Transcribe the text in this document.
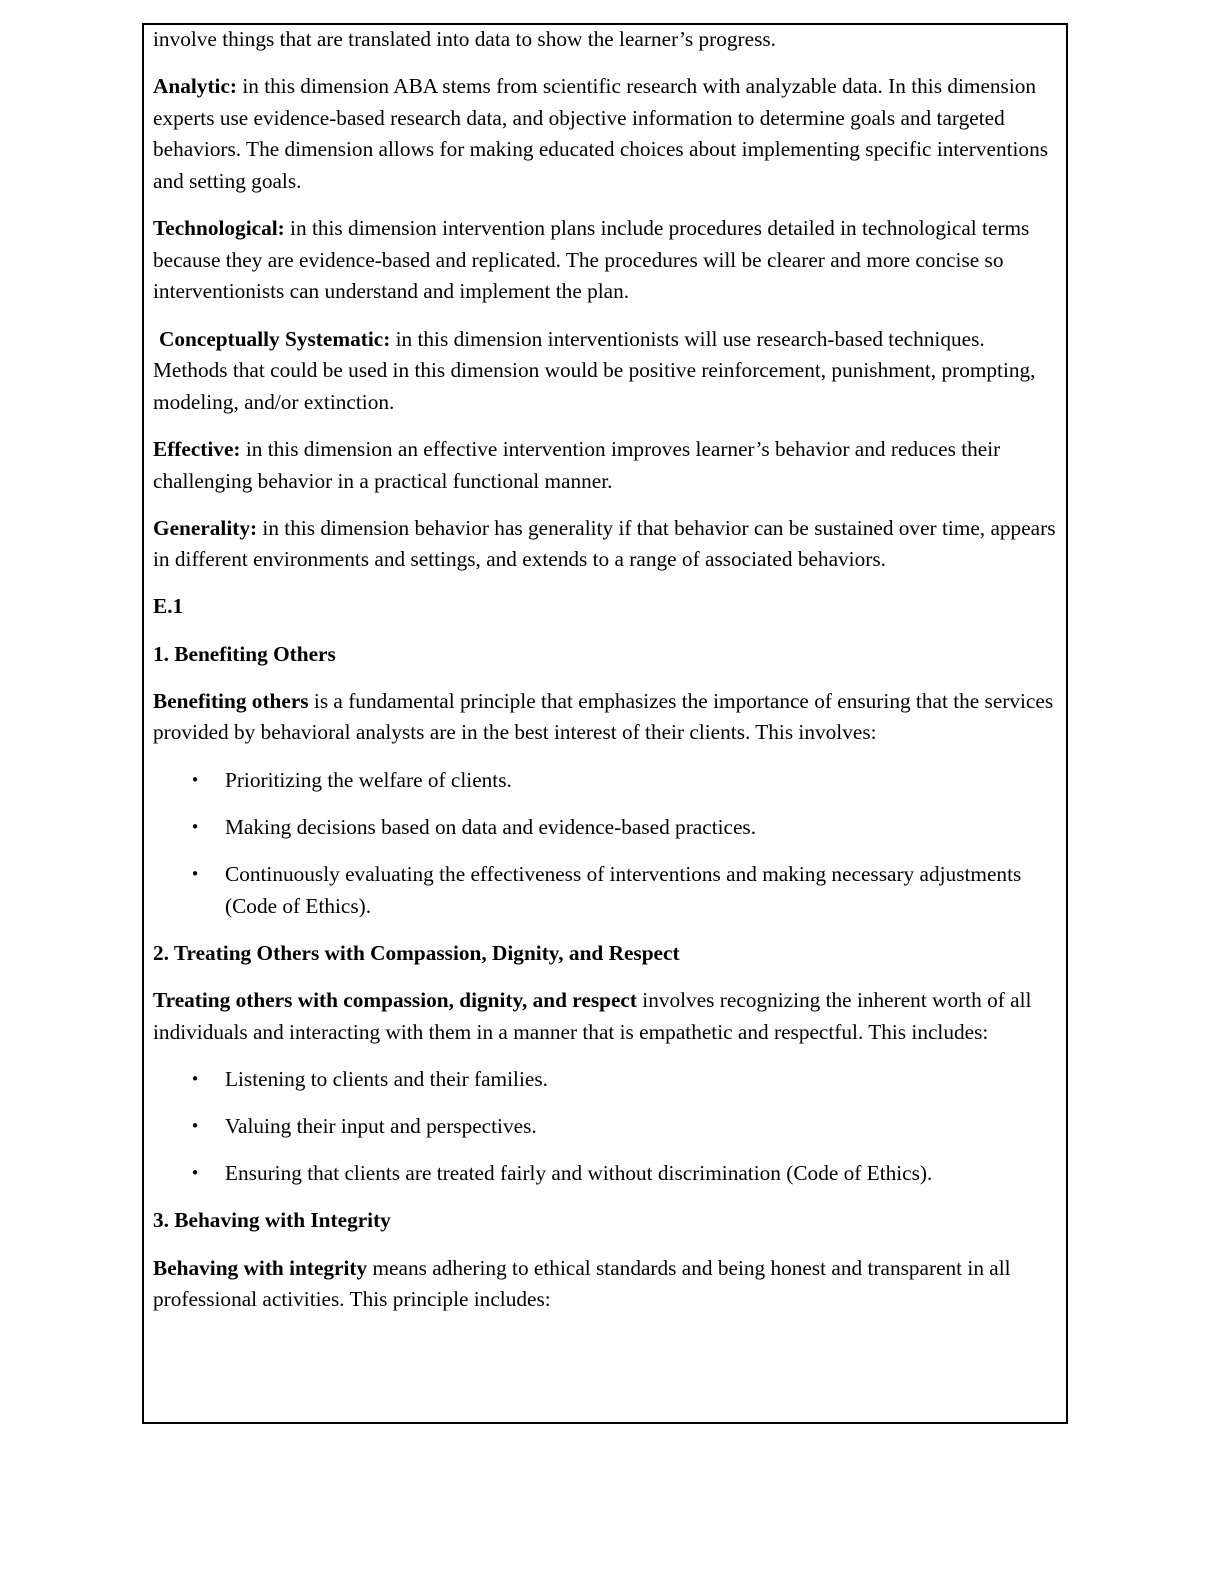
involve things that are translated into data to show the learner’s progress.

Analytic: in this dimension ABA stems from scientific research with analyzable data. In this dimension experts use evidence-based research data, and objective information to determine goals and targeted behaviors. The dimension allows for making educated choices about implementing specific interventions and setting goals.

Technological: in this dimension intervention plans include procedures detailed in technological terms because they are evidence-based and replicated. The procedures will be clearer and more concise so interventionists can understand and implement the plan.

Conceptually Systematic: in this dimension interventionists will use research-based techniques. Methods that could be used in this dimension would be positive reinforcement, punishment, prompting, modeling, and/or extinction.

Effective: in this dimension an effective intervention improves learner’s behavior and reduces their challenging behavior in a practical functional manner.

Generality: in this dimension behavior has generality if that behavior can be sustained over time, appears in different environments and settings, and extends to a range of associated behaviors.

E.1

1. Benefiting Others

Benefiting others is a fundamental principle that emphasizes the importance of ensuring that the services provided by behavioral analysts are in the best interest of their clients. This involves:

• Prioritizing the welfare of clients.
• Making decisions based on data and evidence-based practices.
• Continuously evaluating the effectiveness of interventions and making necessary adjustments (Code of Ethics).

2. Treating Others with Compassion, Dignity, and Respect

Treating others with compassion, dignity, and respect involves recognizing the inherent worth of all individuals and interacting with them in a manner that is empathetic and respectful. This includes:

• Listening to clients and their families.
• Valuing their input and perspectives.
• Ensuring that clients are treated fairly and without discrimination (Code of Ethics).

3. Behaving with Integrity

Behaving with integrity means adhering to ethical standards and being honest and transparent in all professional activities. This principle includes:
